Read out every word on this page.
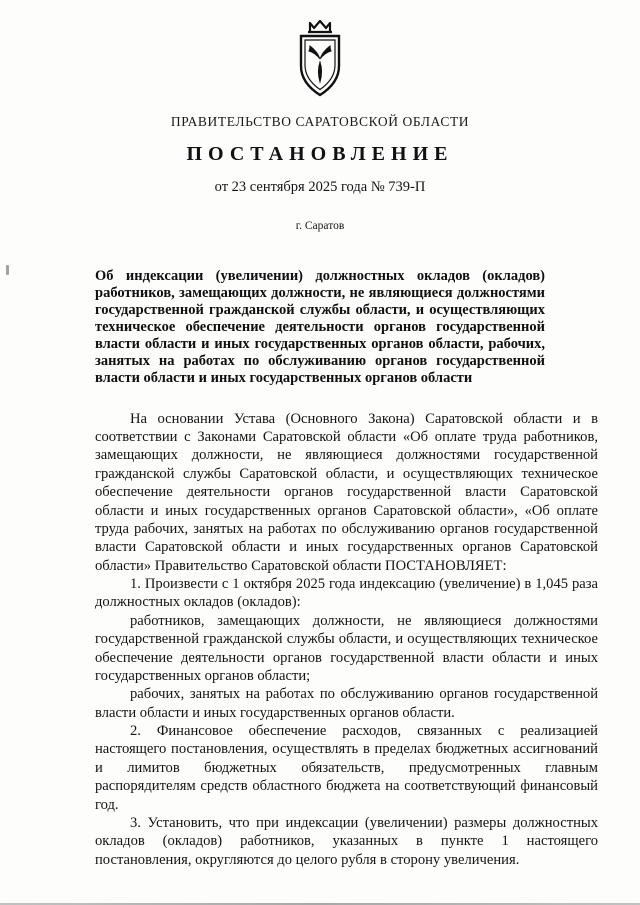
ПРАВИТЕЛЬСТВО САРАТОВСКОЙ ОБЛАСТИ
ПОСТАНОВЛЕНИЕ
от 23 сентября 2025 года № 739-П
г. Саратов
Об индексации (увеличении) должностных окладов (окладов) работников, замещающих должности, не являющиеся должностями государственной гражданской службы области, и осуществляющих техническое обеспечение деятельности органов государственной власти области и иных государственных органов области, рабочих, занятых на работах по обслуживанию органов государственной власти области и иных государственных органов области

На основании Устава (Основного Закона) Саратовской области и в соответствии с Законами Саратовской области «Об оплате труда работников, замещающих должности, не являющиеся должностями государственной гражданской службы Саратовской области, и осуществляющих техническое обеспечение деятельности органов государственной власти Саратовской области и иных государственных органов Саратовской области», «Об оплате труда рабочих, занятых на работах по обслуживанию органов государственной власти Саратовской области и иных государственных органов Саратовской области» Правительство Саратовской области ПОСТАНОВЛЯЕТ:

1. Произвести с 1 октября 2025 года индексацию (увеличение) в 1,045 раза должностных окладов (окладов):

работников, замещающих должности, не являющиеся должностями государственной гражданской службы области, и осуществляющих техническое обеспечение деятельности органов государственной власти области и иных государственных органов области;

рабочих, занятых на работах по обслуживанию органов государственной власти области и иных государственных органов области.

2. Финансовое обеспечение расходов, связанных с реализацией настоящего постановления, осуществлять в пределах бюджетных ассигнований и лимитов бюджетных обязательств, предусмотренных главным распорядителям средств областного бюджета на соответствующий финансовый год.

3. Установить, что при индексации (увеличении) размеры должностных окладов (окладов) работников, указанных в пункте 1 настоящего постановления, округляются до целого рубля в сторону увеличения.
